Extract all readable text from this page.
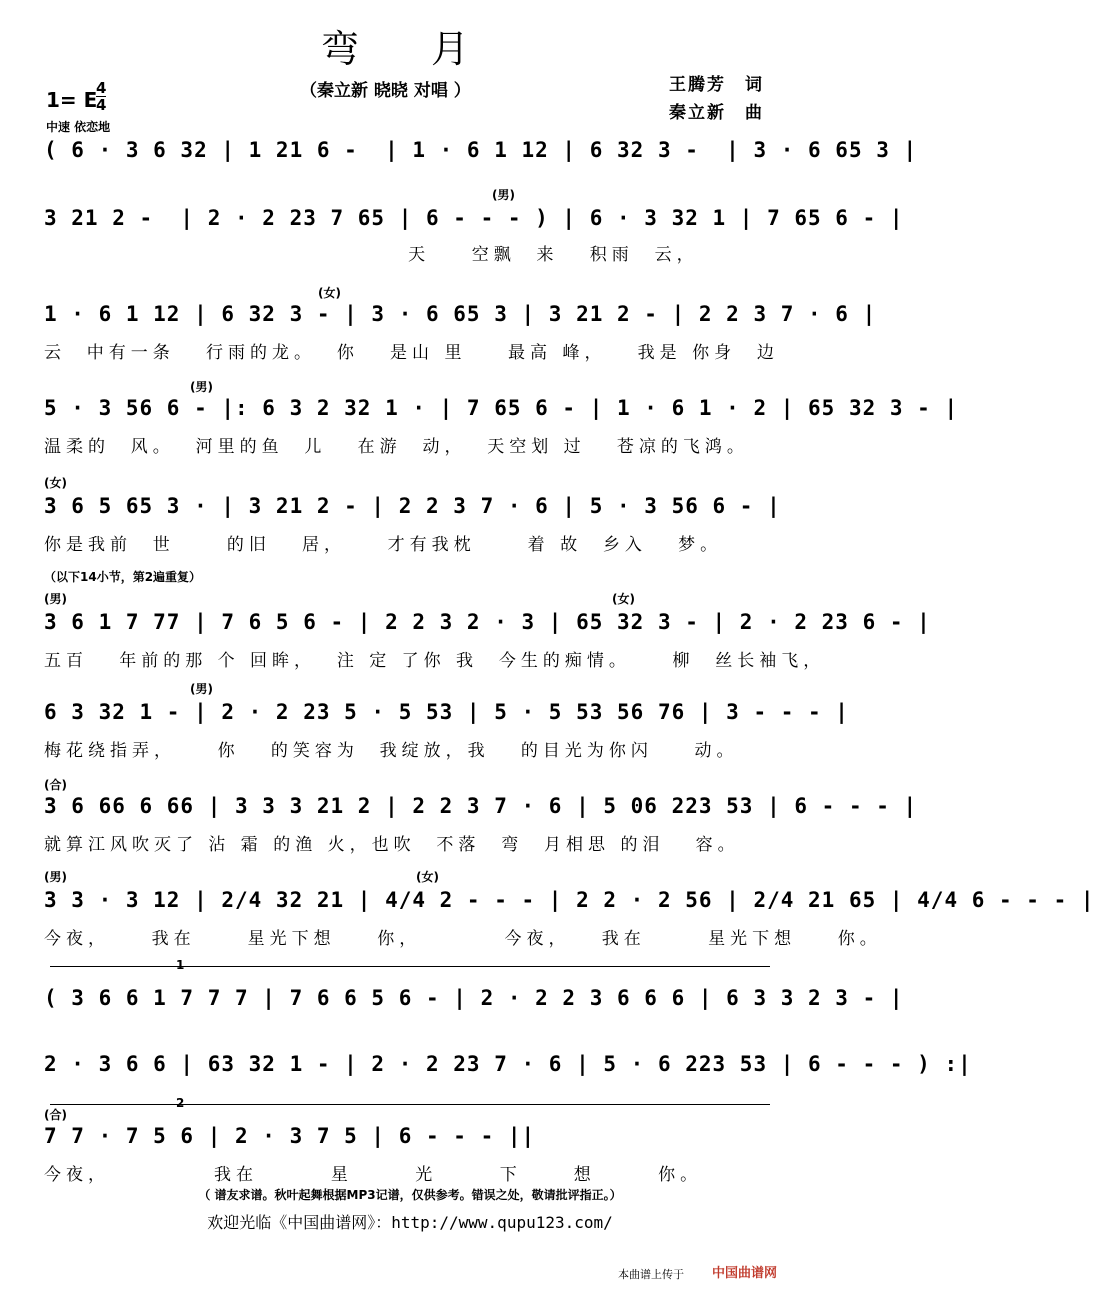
弯 月
（秦立新 晓晓 对唱 ）	王腾芳　词
秦立新　曲
1= E
4
4
中速 依恋地
( 6 · 3 6 32 | 1 21 6 -  | 1 · 6 1 12 | 6 32 3 -  | 3 · 6 65 3 |
(男)
3 21 2 -  | 2 · 2 23 7 65 | 6 - - - ) | 6 · 3 32 1 | 7 65 6 - |
天    空飘  来   积雨  云，
(女)
1 · 6 1 12 | 6 32 3 - | 3 · 6 65 3 | 3 21 2 - | 2 2 3 7 · 6 |
云  中有一条   行雨的龙。  你   是山 里    最高 峰，   我是 你身  边
(男)
5 · 3 56 6 - |: 6 3 2 32 1 · | 7 65 6 - | 1 · 6 1 · 2 | 65 32 3 - |
温柔的  风。  河里的鱼  儿   在游  动，  天空划 过   苍凉的飞鸿。
(女)
3 6 5 65 3 · | 3 21 2 - | 2 2 3 7 · 6 | 5 · 3 56 6 - |
你是我前  世     的旧   居，    才有我枕     着 故  乡入   梦。
（以下14小节，第2遍重复）
(男)	(女)
3 6 1 7 77 | 7 6 5 6 - | 2 2 3 2 · 3 | 65 32 3 - | 2 · 2 23 6 - |
五百   年前的那 个 回眸，  注 定 了你 我  今生的痴情。    柳  丝长袖飞，
(男)
6 3 32 1 - | 2 · 2 23 5 · 5 53 | 5 · 5 53 56 76 | 3 - - - |
梅花绕指弄，    你   的笑容为  我绽放，我   的目光为你闪    动。
(合)
3 6 66 6 66 | 3 3 3 21 2 | 2 2 3 7 · 6 | 5 06 223 53 | 6 - - - |
就算江风吹灭了 沾 霜 的渔 火，也吹  不落  弯  月相思 的泪   容。
(男)	(女)
3 3 · 3 12 | 2/4 32 21 | 4/4 2 - - - | 2 2 · 2 56 | 2/4 21 65 | 4/4 6 - - - |
今夜，    我在     星光下想    你，        今夜，   我在      星光下想    你。
1
( 3 6 6 1 7 7 7 | 7 6 6 5 6 - | 2 · 2 2 3 6 6 6 | 6 3 3 2 3 - |
2 · 3 6 6 | 63 32 1 - | 2 · 2 23 7 · 6 | 5 · 6 223 53 | 6 - - - ) :|
2
(合)
7 7 · 7 5 6 | 2 · 3 7 5 | 6 - - - ||
今夜，          我在       星      光      下     想      你。
（ 谱友求谱。秋叶起舞根据MP3记谱，仅供参考。错误之处，敬请批评指正。）
欢迎光临《中国曲谱网》：http://www.qupu123.com/
本曲谱上传于 中国曲谱网
